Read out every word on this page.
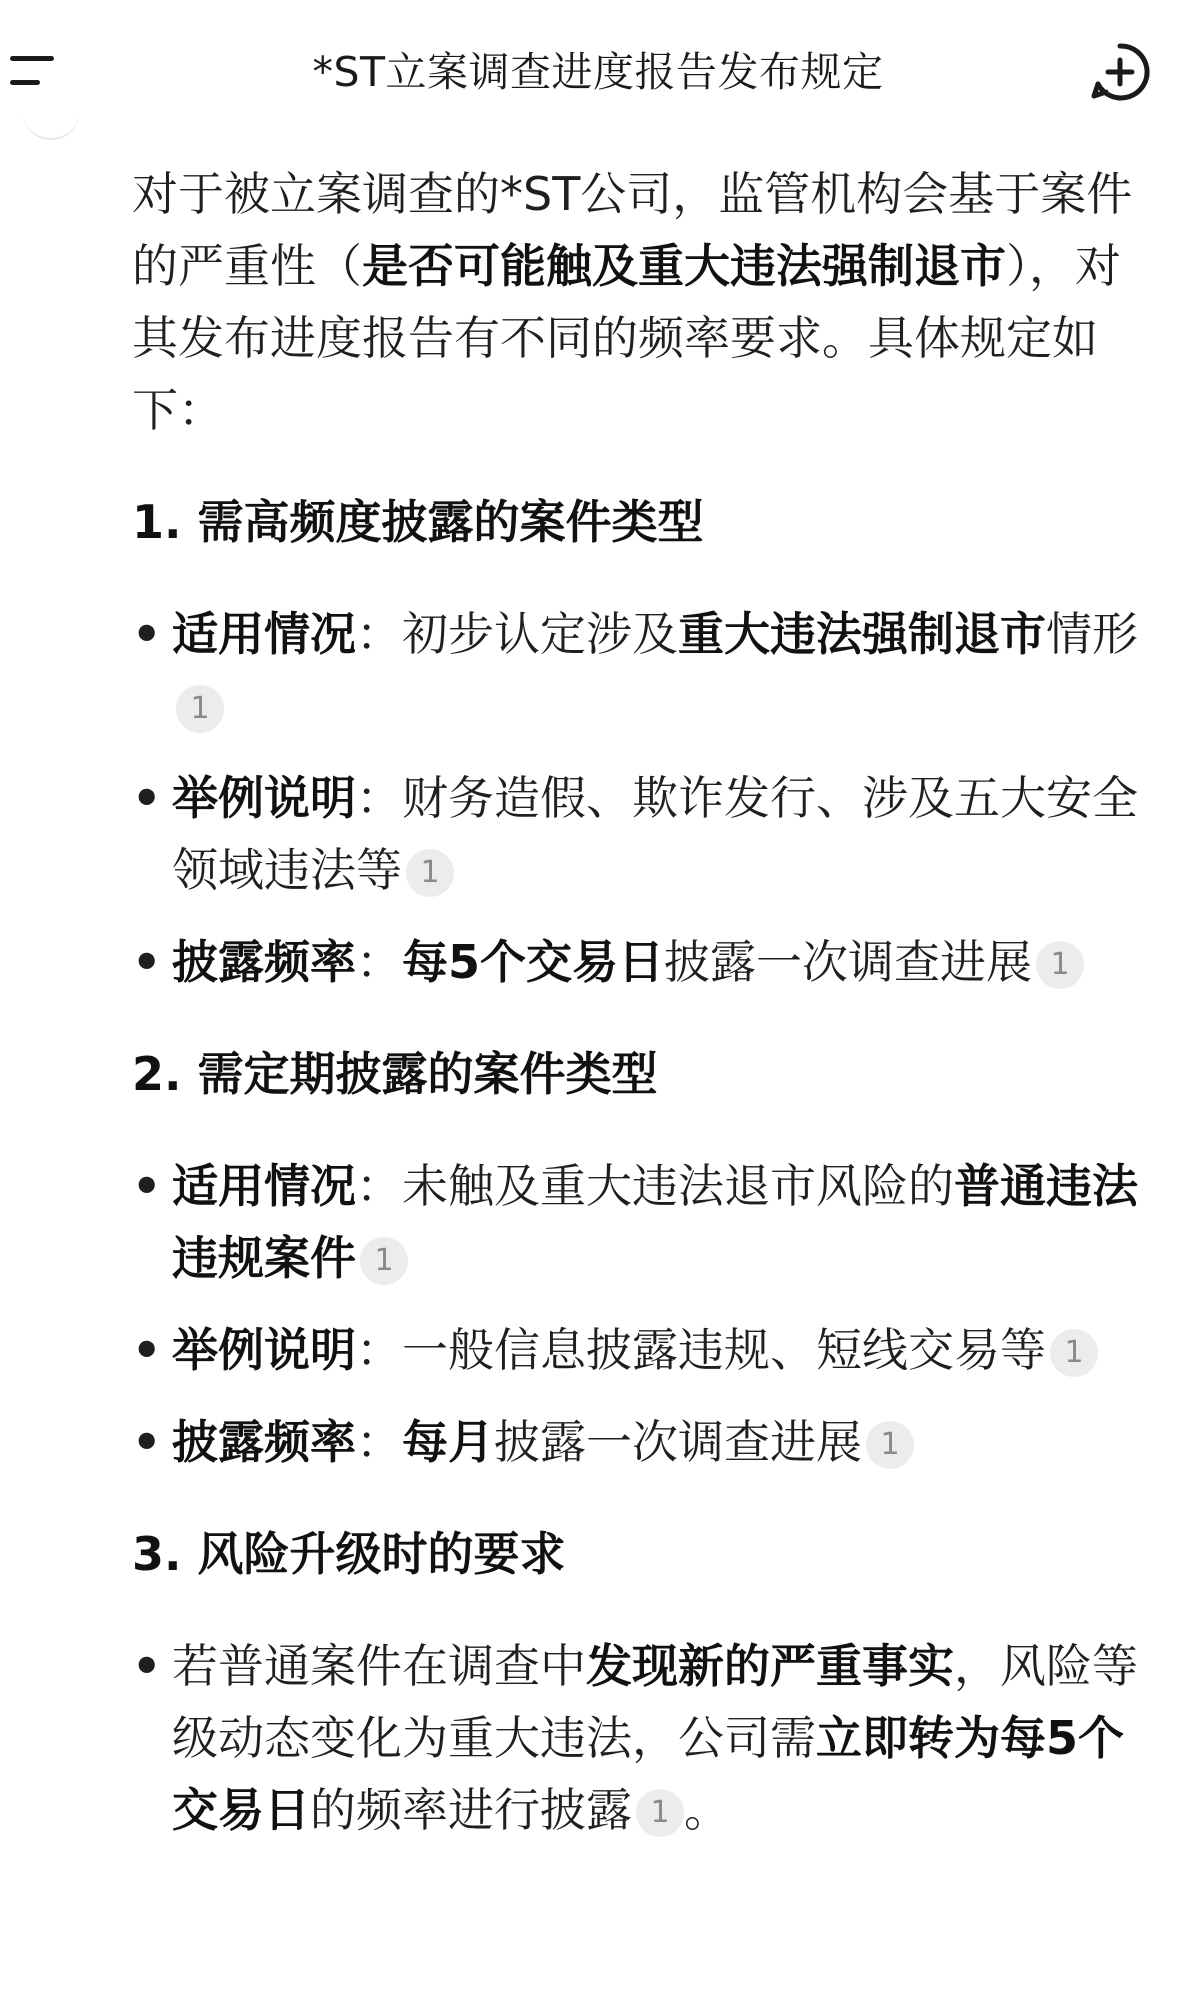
*ST立案调查进度报告发布规定

对于被立案调查的*ST公司，监管机构会基于案件的严重性（是否可能触及重大违法强制退市），对其发布进度报告有不同的频率要求。具体规定如下：

1. 需高频度披露的案件类型
• 适用情况：初步认定涉及重大违法强制退市情形
1
• 举例说明：财务造假、欺诈发行、涉及五大安全领域违法等 1
• 披露频率：每5个交易日披露一次调查进展 1
2. 需定期披露的案件类型
• 适用情况：未触及重大违法退市风险的普通违法违规案件 1
• 举例说明：一般信息披露违规、短线交易等 1
• 披露频率：每月披露一次调查进展 1
3. 风险升级时的要求
• 若普通案件在调查中发现新的严重事实，风险等级动态变化为重大违法，公司需立即转为每5个交易日的频率进行披露 1 。
